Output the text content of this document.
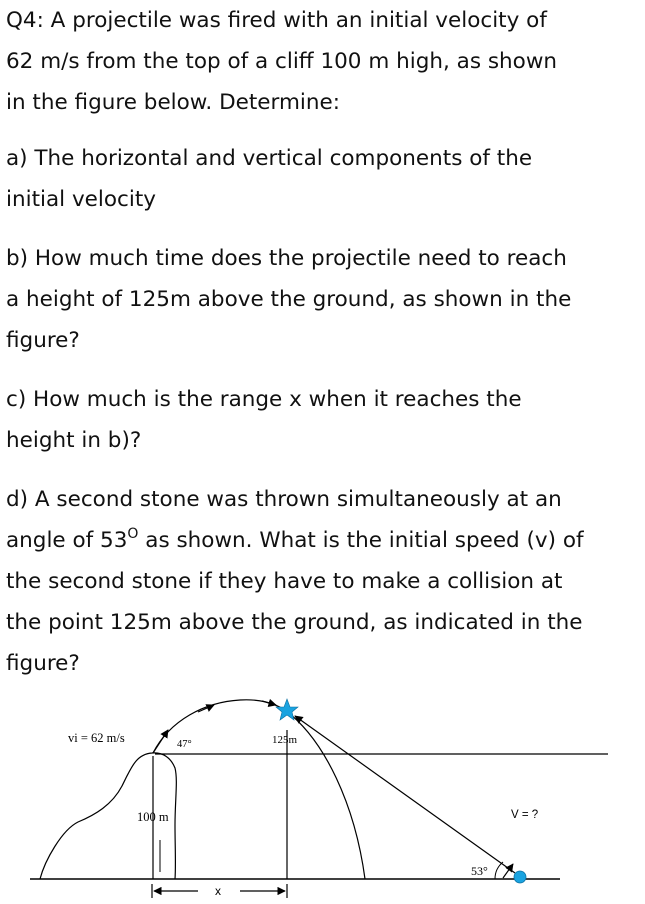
Q4: A projectile was fired with an initial velocity of
62 m/s from the top of a cliff 100 m high, as shown
in the figure below. Determine:

a) The horizontal and vertical components of the
initial velocity

b) How much time does the projectile need to reach
a height of 125m above the ground, as shown in the
figure?

c) How much is the range x when it reaches the
height in b)?

d) A second stone was thrown simultaneously at an
angle of $53^O$ as shown. What is the initial speed (v) of
the second stone if they have to make a collision at
the point 125m above the ground, as indicated in the
figure?

vi = 62 m/s	47°	125m
100 m	V = ?
53°
x
